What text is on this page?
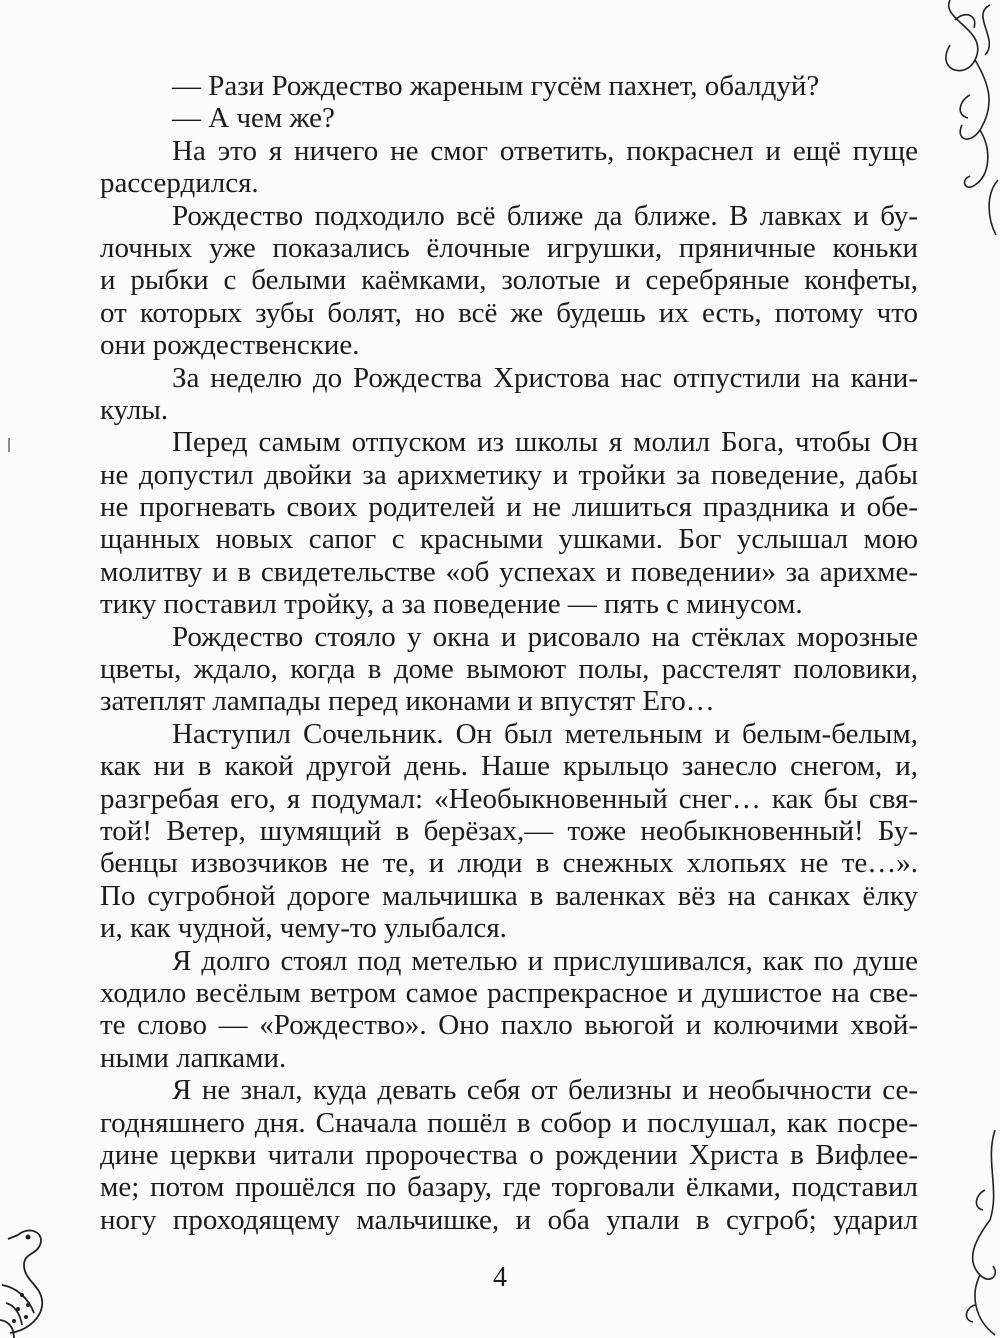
— Рази Рождество жареным гусём пахнет, обалдуй?
— А чем же?
На это я ничего не смог ответить, покраснел и ещё пуще
рассердился.
Рождество подходило всё ближе да ближе. В лавках и бу-
лочных уже показались ёлочные игрушки, пряничные коньки
и рыбки с белыми каёмками, золотые и серебряные конфеты,
от которых зубы болят, но всё же будешь их есть, потому что
они рождественские.
За неделю до Рождества Христова нас отпустили на кани-
кулы.
Перед самым отпуском из школы я молил Бога, чтобы Он
не допустил двойки за арихметику и тройки за поведение, дабы
не прогневать своих родителей и не лишиться праздника и обе-
щанных новых сапог с красными ушками. Бог услышал мою
молитву и в свидетельстве «об успехах и поведении» за арихме-
тику поставил тройку, а за поведение — пять с минусом.
Рождество стояло у окна и рисовало на стёклах морозные
цветы, ждало, когда в доме вымоют полы, расстелят половики,
затеплят лампады перед иконами и впустят Его…
Наступил Сочельник. Он был метельным и белым-белым,
как ни в какой другой день. Наше крыльцо занесло снегом, и,
разгребая его, я подумал: «Необыкновенный снег… как бы свя-
той! Ветер, шумящий в берёзах,— тоже необыкновенный! Бу-
бенцы извозчиков не те, и люди в снежных хлопьях не те…».
По сугробной дороге мальчишка в валенках вёз на санках ёлку
и, как чудной, чему-то улыбался.
Я долго стоял под метелью и прислушивался, как по душе
ходило весёлым ветром самое распрекрасное и душистое на све-
те слово — «Рождество». Оно пахло вьюгой и колючими хвой-
ными лапками.
Я не знал, куда девать себя от белизны и необычности се-
годняшнего дня. Сначала пошёл в собор и послушал, как посре-
дине церкви читали пророчества о рождении Христа в Вифлее-
ме; потом прошёлся по базару, где торговали ёлками, подставил
ногу проходящему мальчишке, и оба упали в сугроб; ударил
4
